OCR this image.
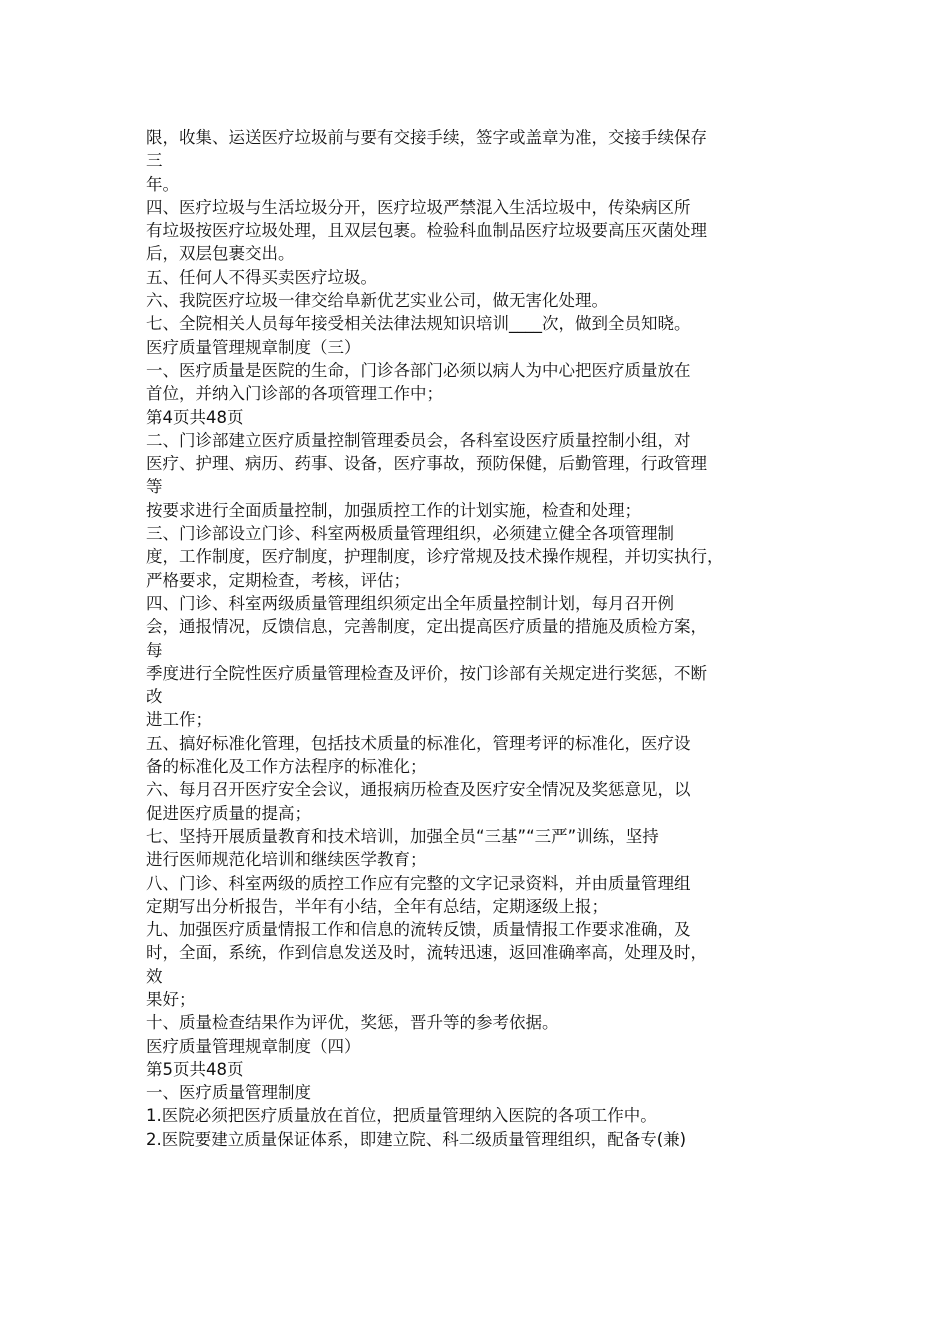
限，收集、运送医疗垃圾前与要有交接手续，签字或盖章为准，交接手续保存
三
年。
四、医疗垃圾与生活垃圾分开，医疗垃圾严禁混入生活垃圾中，传染病区所
有垃圾按医疗垃圾处理，且双层包裹。检验科血制品医疗垃圾要高压灭菌处理
后，双层包裹交出。
五、任何人不得买卖医疗垃圾。
六、我院医疗垃圾一律交给阜新优艺实业公司，做无害化处理。
七、全院相关人员每年接受相关法律法规知识培训____次，做到全员知晓。
医疗质量管理规章制度（三）
一、医疗质量是医院的生命，门诊各部门必须以病人为中心把医疗质量放在
首位，并纳入门诊部的各项管理工作中；
第4页共48页
二、门诊部建立医疗质量控制管理委员会，各科室设医疗质量控制小组，对
医疗、护理、病历、药事、设备，医疗事故，预防保健，后勤管理，行政管理
等
按要求进行全面质量控制，加强质控工作的计划实施，检查和处理；
三、门诊部设立门诊、科室两极质量管理组织，必须建立健全各项管理制
度，工作制度，医疗制度，护理制度，诊疗常规及技术操作规程，并切实执行，
严格要求，定期检查，考核，评估；
四、门诊、科室两级质量管理组织须定出全年质量控制计划，每月召开例
会，通报情况，反馈信息，完善制度，定出提高医疗质量的措施及质检方案，
每
季度进行全院性医疗质量管理检查及评价，按门诊部有关规定进行奖惩，不断
改
进工作；
五、搞好标准化管理，包括技术质量的标准化，管理考评的标准化，医疗设
备的标准化及工作方法程序的标准化；
六、每月召开医疗安全会议，通报病历检查及医疗安全情况及奖惩意见，以
促进医疗质量的提高；
七、坚持开展质量教育和技术培训，加强全员“三基”“三严”训练，坚持
进行医师规范化培训和继续医学教育；
八、门诊、科室两级的质控工作应有完整的文字记录资料，并由质量管理组
定期写出分析报告，半年有小结，全年有总结，定期逐级上报；
九、加强医疗质量情报工作和信息的流转反馈，质量情报工作要求准确，及
时，全面，系统，作到信息发送及时，流转迅速，返回准确率高，处理及时，
效
果好；
十、质量检查结果作为评优，奖惩，晋升等的参考依据。
医疗质量管理规章制度（四）
第5页共48页
一、医疗质量管理制度
1.医院必须把医疗质量放在首位，把质量管理纳入医院的各项工作中。
2.医院要建立质量保证体系，即建立院、科二级质量管理组织，配备专(兼)
